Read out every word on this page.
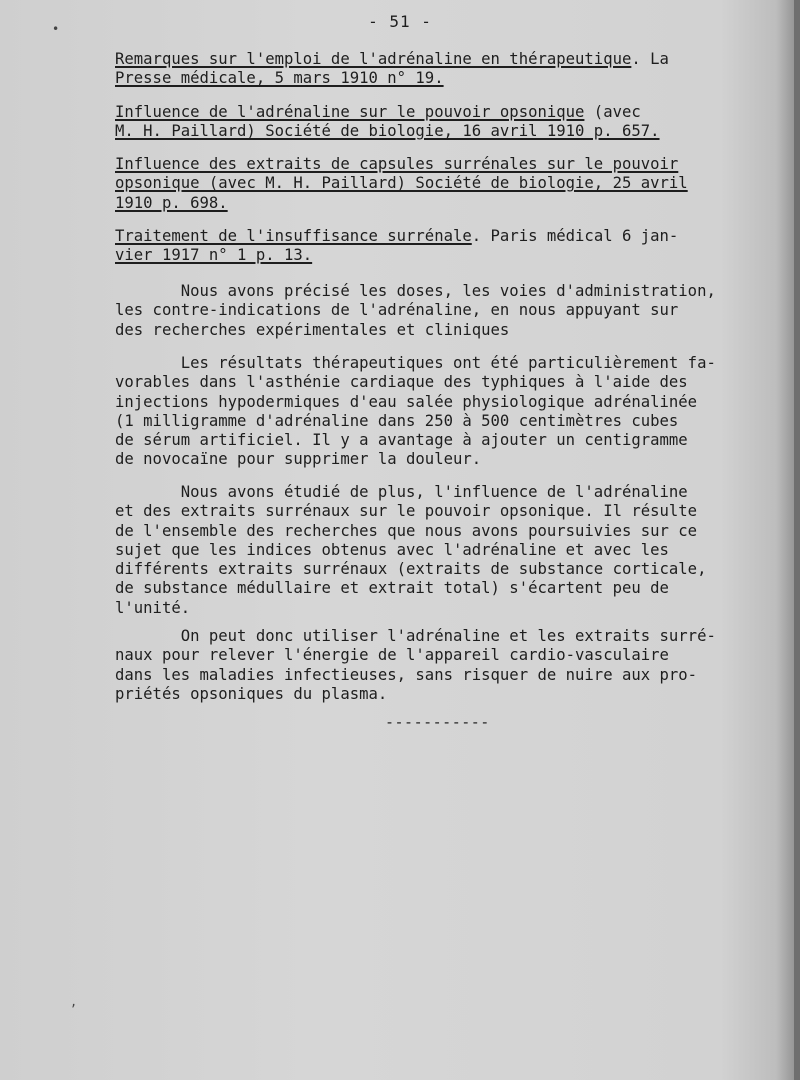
•	- 51 -
Remarques sur l'emploi de l'adrénaline en thérapeutique. La
Presse médicale, 5 mars 1910 n° 19.
Influence de l'adrénaline sur le pouvoir opsonique (avec
M. H. Paillard) Société de biologie, 16 avril 1910 p. 657.
Influence des extraits de capsules surrénales sur le pouvoir
opsonique (avec M. H. Paillard) Société de biologie, 25 avril
1910 p. 698.
Traitement de l'insuffisance surrénale. Paris médical 6 jan-
vier 1917 n° 1 p. 13.
Nous avons précisé les doses, les voies d'administration,
les contre-indications de l'adrénaline, en nous appuyant sur
des recherches expérimentales et cliniques
Les résultats thérapeutiques ont été particulièrement fa-
vorables dans l'asthénie cardiaque des typhiques à l'aide des
injections hypodermiques d'eau salée physiologique adrénalinée
(1 milligramme d'adrénaline dans 250 à 500 centimètres cubes
de sérum artificiel. Il y a avantage à ajouter un centigramme
de novocaïne pour supprimer la douleur.
Nous avons étudié de plus, l'influence de l'adrénaline
et des extraits surrénaux sur le pouvoir opsonique. Il résulte
de l'ensemble des recherches que nous avons poursuivies sur ce
sujet que les indices obtenus avec l'adrénaline et avec les
différents extraits surrénaux (extraits de substance corticale,
de substance médullaire et extrait total) s'écartent peu de
l'unité.
On peut donc utiliser l'adrénaline et les extraits surré-
naux pour relever l'énergie de l'appareil cardio-vasculaire
dans les maladies infectieuses, sans risquer de nuire aux pro-
priétés opsoniques du plasma.
-----------
,
